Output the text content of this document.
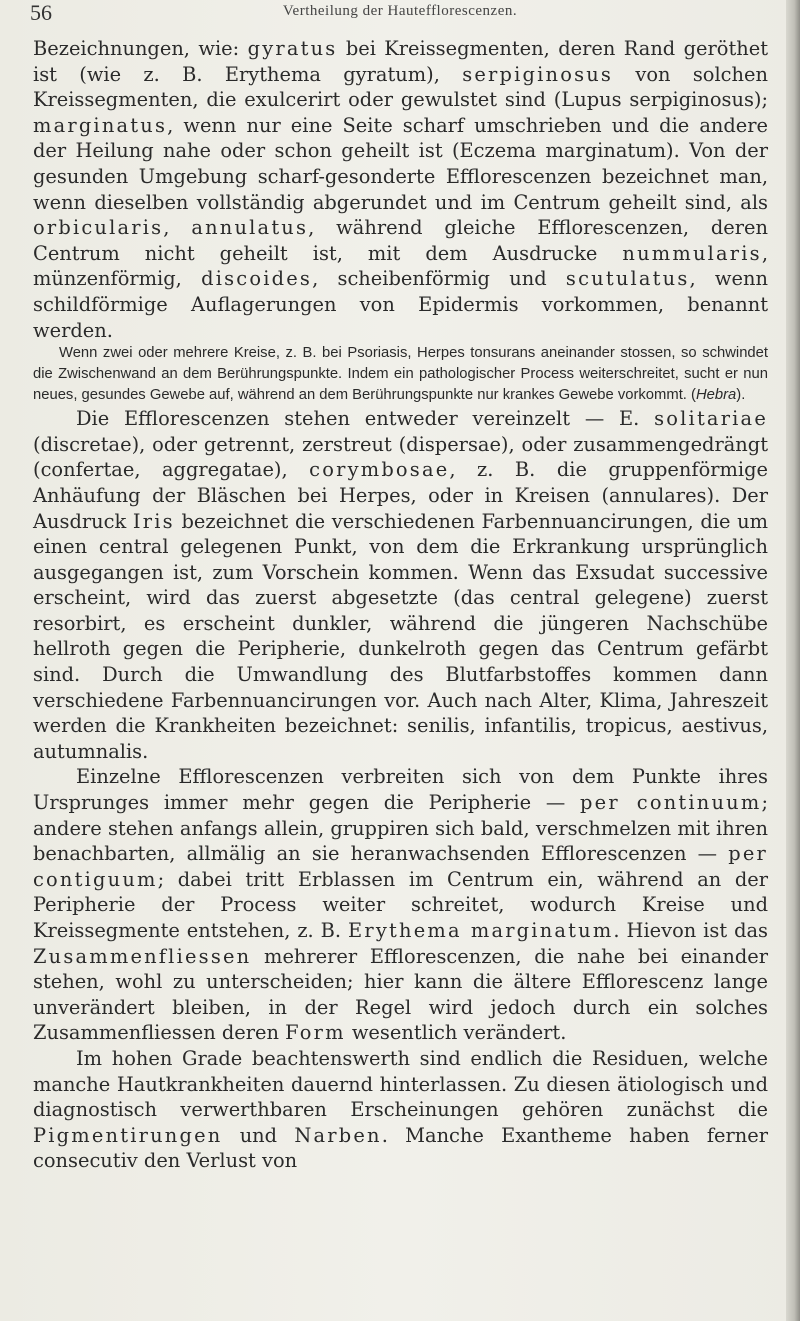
56	Vertheilung der Hautefflorescenzen.

Bezeichnungen, wie: gyratus bei Kreissegmenten, deren Rand geröthet ist (wie z. B. Erythema gyratum), serpiginosus von solchen Kreissegmenten, die exulcerirt oder gewulstet sind (Lupus serpiginosus); marginatus, wenn nur eine Seite scharf umschrieben und die andere der Heilung nahe oder schon geheilt ist (Eczema marginatum). Von der gesunden Umgebung scharf-gesonderte Efflorescenzen bezeichnet man, wenn dieselben vollständig abgerundet und im Centrum geheilt sind, als orbicularis, annulatus, während gleiche Efflorescenzen, deren Centrum nicht geheilt ist, mit dem Ausdrucke nummularis, münzenförmig, discoides, scheibenförmig und scutulatus, wenn schildförmige Auflagerungen von Epidermis vorkommen, benannt werden.

Wenn zwei oder mehrere Kreise, z. B. bei Psoriasis, Herpes tonsurans aneinander stossen, so schwindet die Zwischenwand an dem Berührungspunkte. Indem ein pathologischer Process weiterschreitet, sucht er nun neues, gesundes Gewebe auf, während an dem Berührungspunkte nur krankes Gewebe vorkommt. (Hebra).

Die Efflorescenzen stehen entweder vereinzelt — E. solitariae (discretae), oder getrennt, zerstreut (dispersae), oder zusammengedrängt (confertae, aggregatae), corymbosae, z. B. die gruppenförmige Anhäufung der Bläschen bei Herpes, oder in Kreisen (annulares). Der Ausdruck Iris bezeichnet die verschiedenen Farbennuancirungen, die um einen central gelegenen Punkt, von dem die Erkrankung ursprünglich ausgegangen ist, zum Vorschein kommen. Wenn das Exsudat successive erscheint, wird das zuerst abgesetzte (das central gelegene) zuerst resorbirt, es erscheint dunkler, während die jüngeren Nachschübe hellroth gegen die Peripherie, dunkelroth gegen das Centrum gefärbt sind. Durch die Umwandlung des Blutfarbstoffes kommen dann verschiedene Farbennuancirungen vor. Auch nach Alter, Klima, Jahreszeit werden die Krankheiten bezeichnet: senilis, infantilis, tropicus, aestivus, autumnalis.

Einzelne Efflorescenzen verbreiten sich von dem Punkte ihres Ursprunges immer mehr gegen die Peripherie — per continuum; andere stehen anfangs allein, gruppiren sich bald, verschmelzen mit ihren benachbarten, allmälig an sie heranwachsenden Efflorescenzen — per contiguum; dabei tritt Erblassen im Centrum ein, während an der Peripherie der Process weiter schreitet, wodurch Kreise und Kreissegmente entstehen, z. B. Erythema marginatum. Hievon ist das Zusammenfliessen mehrerer Efflorescenzen, die nahe bei einander stehen, wohl zu unterscheiden; hier kann die ältere Efflorescenz lange unverändert bleiben, in der Regel wird jedoch durch ein solches Zusammenfliessen deren Form wesentlich verändert.

Im hohen Grade beachtenswerth sind endlich die Residuen, welche manche Hautkrankheiten dauernd hinterlassen. Zu diesen ätiologisch und diagnostisch verwerthbaren Erscheinungen gehören zunächst die Pigmentirungen und Narben. Manche Exantheme haben ferner consecutiv den Verlust von
